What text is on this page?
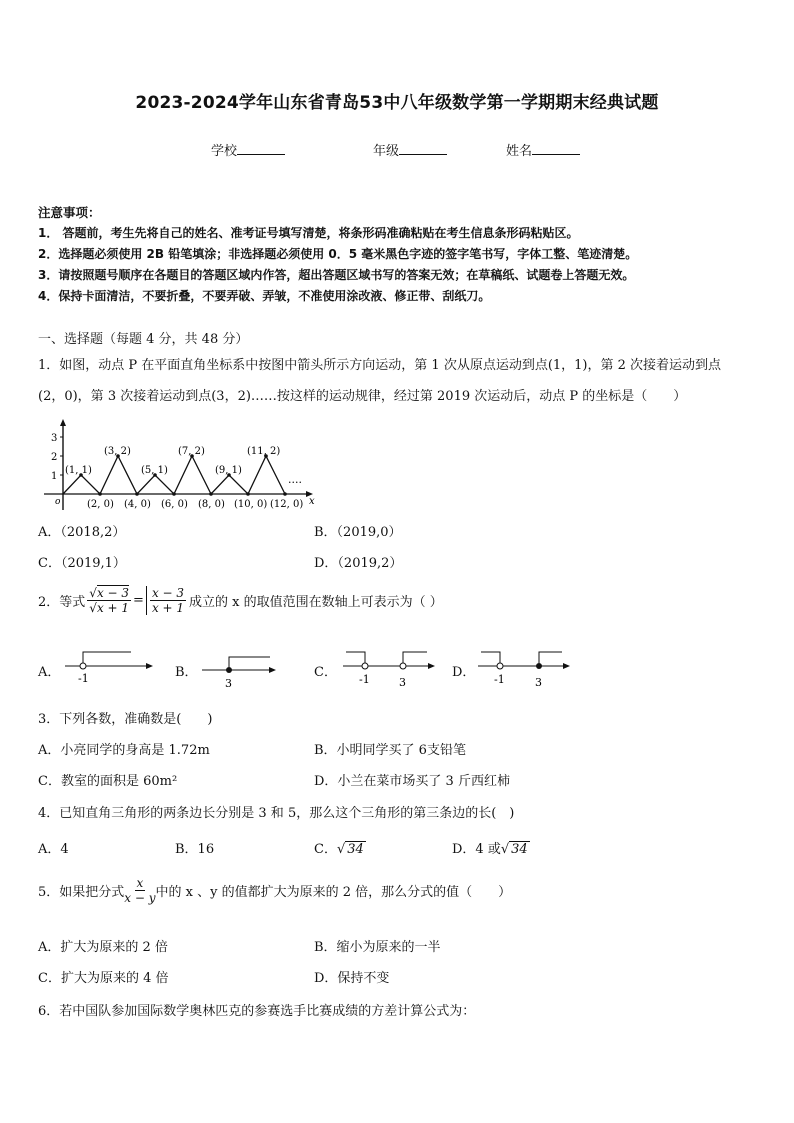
2023-2024学年山东省青岛53中八年级数学第一学期期末经典试题
学校	年级	姓名
注意事项：
1． 答题前，考生先将自己的姓名、准考证号填写清楚，将条形码准确粘贴在考生信息条形码粘贴区。
2．选择题必须使用 2B 铅笔填涂；非选择题必须使用 0．5 毫米黑色字迹的签字笔书写，字体工整、笔迹清楚。
3．请按照题号顺序在各题目的答题区域内作答，超出答题区域书写的答案无效；在草稿纸、试题卷上答题无效。
4．保持卡面清洁，不要折叠，不要弄破、弄皱，不准使用涂改液、修正带、刮纸刀。
一、选择题（每题 4 分，共 48 分）
1．如图，动点 P 在平面直角坐标系中按图中箭头所示方向运动，第 1 次从原点运动到点(1，1)，第 2 次接着运动到点
(2，0)，第 3 次接着运动到点(3，2)……按这样的运动规律，经过第 2019 次运动后，动点 P 的坐标是（　　）
3
2
1
o	x
(1, 1)
(3, 2)
(5, 1)
(7, 2)
(9, 1)
(11, 2)
(2, 0) (4, 0) (6, 0) (8, 0) (10, 0) (12, 0)
····
A．（2018,2）	B．（2019,0）
C．（2019,1）	D．（2019,2）
2．等式 $\frac{√x - 3}{√x + 1} = \frac{x - 3}{x + 1}$ 成立的 x 的取值范围在数轴上可表示为（ ）
A． -1	B．
3
C． -1	3
D． -1	3
3．下列各数，准确数是(　　)
A．小亮同学的身高是 1.72m	B．小明同学买了 6支铅笔
C．教室的面积是 60m²	D．小兰在菜市场买了 3 斤西红柿
4．已知直角三角形的两条边长分别是 3 和 5，那么这个三角形的第三条边的长(　)
A．4	B．16	C．√ 34	D．4 或√ 34
5．如果把分式 $\frac{x}{x - y}$ 中的 x 、y 的值都扩大为原来的 2 倍，那么分式的值（　　）
A．扩大为原来的 2 倍	B．缩小为原来的一半
C．扩大为原来的 4 倍	D．保持不变
6．若中国队参加国际数学奥林匹克的参赛选手比赛成绩的方差计算公式为：
